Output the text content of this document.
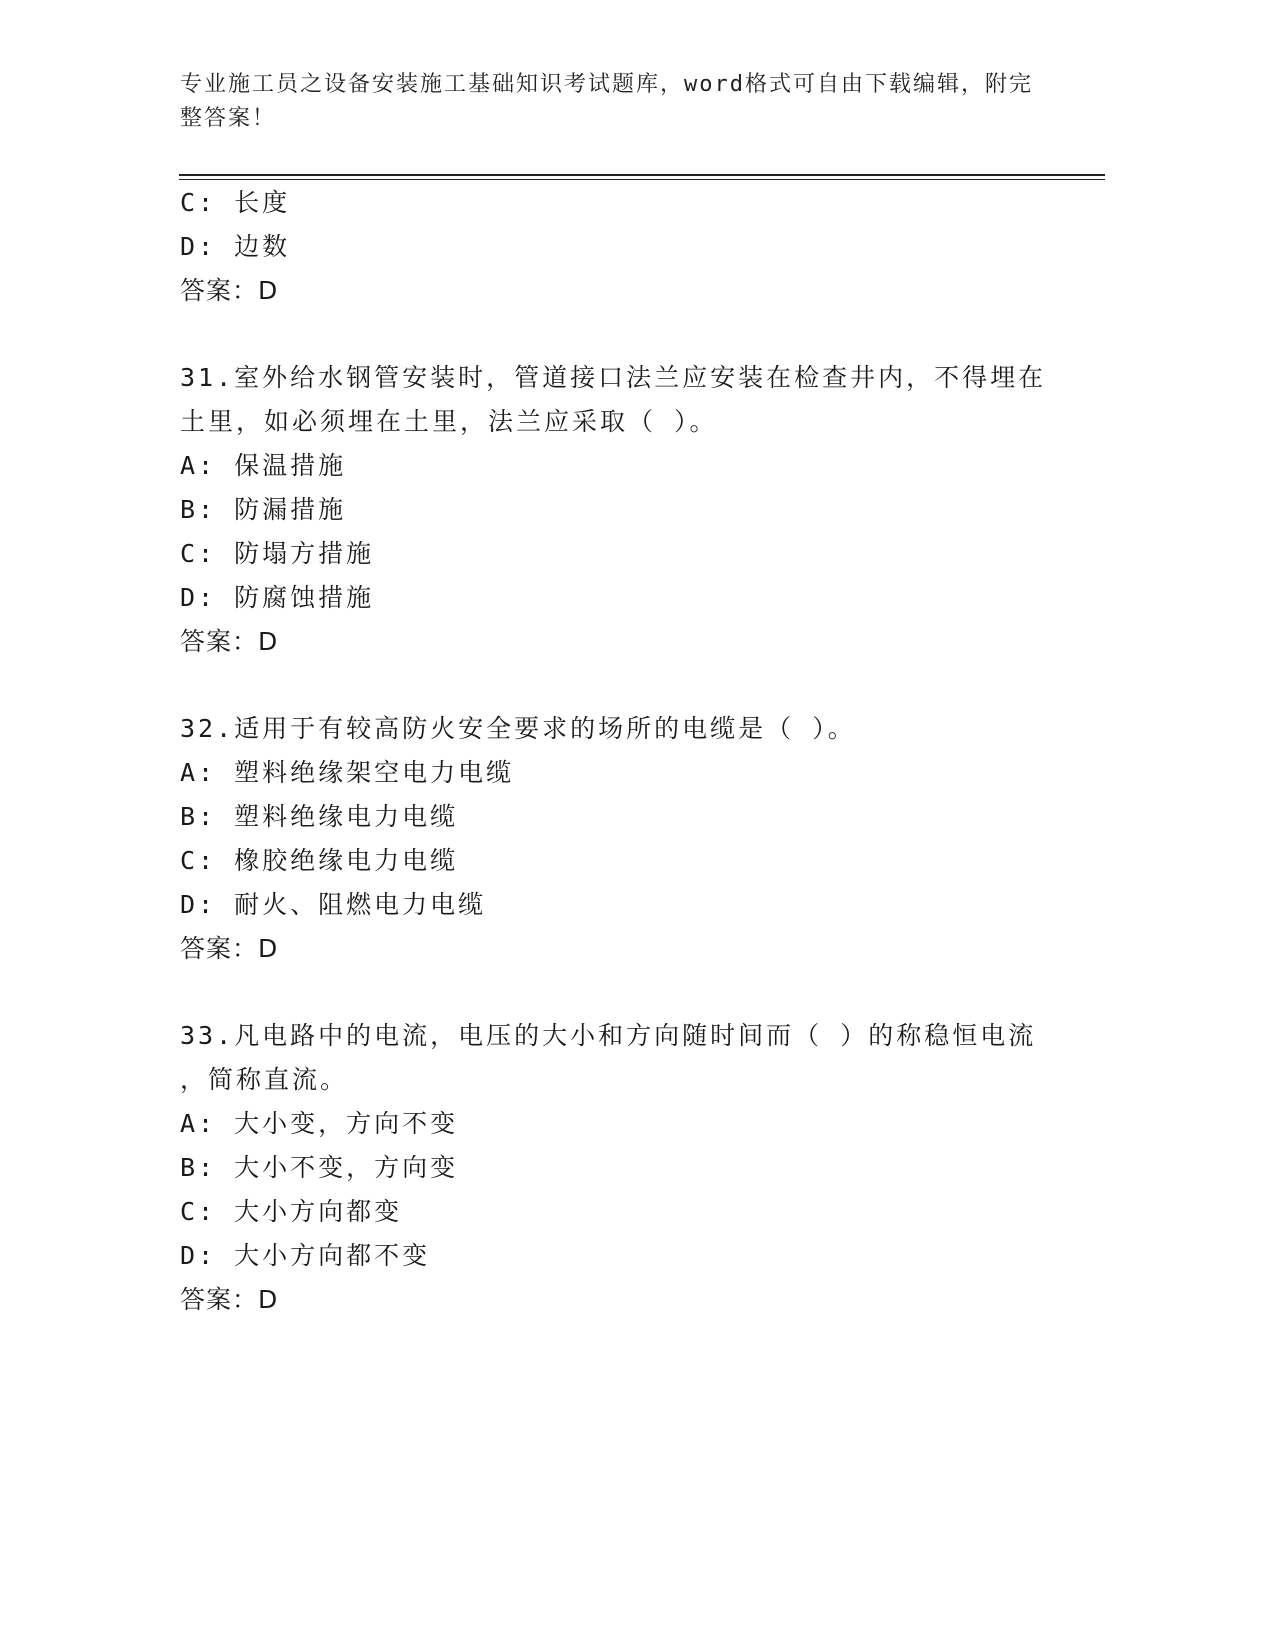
专业施工员之设备安装施工基础知识考试题库，word格式可自由下载编辑，附完
整答案！
C: 长度
D: 边数
答案：D
31.室外给水钢管安装时，管道接口法兰应安装在检查井内，不得埋在
土里，如必须埋在土里，法兰应采取（ ）。
A: 保温措施
B: 防漏措施
C: 防塌方措施
D: 防腐蚀措施
答案：D
32.适用于有较高防火安全要求的场所的电缆是（ ）。
A: 塑料绝缘架空电力电缆
B: 塑料绝缘电力电缆
C: 橡胶绝缘电力电缆
D: 耐火、阻燃电力电缆
答案：D
33.凡电路中的电流，电压的大小和方向随时间而（ ）的称稳恒电流
，简称直流。
A: 大小变，方向不变
B: 大小不变，方向变
C: 大小方向都变
D: 大小方向都不变
答案：D
